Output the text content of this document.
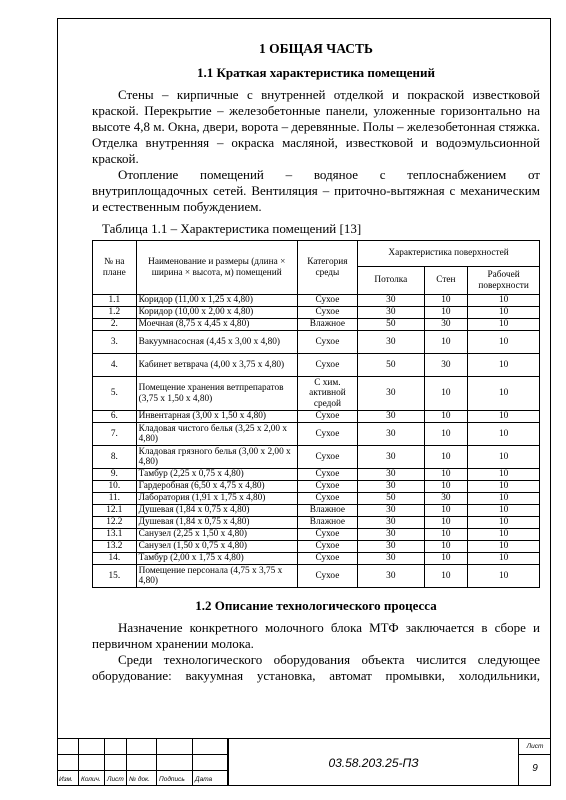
1 ОБЩАЯ ЧАСТЬ
1.1 Краткая характеристика помещений

Стены – кирпичные с внутренней отделкой и покраской известковой краской. Перекрытие – железобетонные панели, уложенные горизонтально на высоте 4,8 м. Окна, двери, ворота – деревянные. Полы – железобетонная стяжка. Отделка внутренняя – окраска масляной, известковой и водоэмульсионной краской.

Отопление помещений – водяное с теплоснабжением от внутриплощадочных сетей. Вентиляция – приточно-вытяжная с механическим и естественным побуждением.

Таблица 1.1 – Характеристика помещений [13]
№ на плане	Наименование и размеры (длина × ширина × высота, м) помещений	Категория среды	Характеристика поверхностей		
			Потолка	Стен	Рабочей поверхности
1.1	Коридор (11,00 х 1,25 х 4,80)	Сухое	30	10	10
1.2	Коридор (10,00 х 2,00 х 4,80)	Сухое	30	10	10
2.	Моечная (8,75 х 4,45 х 4,80)	Влажное	50	30	10
3.	Вакуумнасосная (4,45 х 3,00 х 4,80)	Сухое	30	10	10
4.	Кабинет ветврача (4,00 х 3,75 х 4,80)	Сухое	50	30	10
5.	Помещение хранения ветпрепаратов (3,75 х 1,50 х 4,80)	С хим. активной средой	30	10	10
6.	Инвентарная (3,00 х 1,50 х 4,80)	Сухое	30	10	10
7.	Кладовая чистого белья (3,25 х 2,00 х 4,80)	Сухое	30	10	10
8.	Кладовая грязного белья (3,00 х 2,00 х 4,80)	Сухое	30	10	10
9.	Тамбур (2,25 х 0,75 х 4,80)	Сухое	30	10	10
10.	Гардеробная (6,50 х 4,75 х 4,80)	Сухое	30	10	10
11.	Лаборатория (1,91 х 1,75 х 4,80)	Сухое	50	30	10
12.1	Душевая (1,84 х 0,75 х 4,80)	Влажное	30	10	10
12.2	Душевая (1,84 х 0,75 х 4,80)	Влажное	30	10	10
13.1	Санузел (2,25 х 1,50 х 4,80)	Сухое	30	10	10
13.2	Санузел (1,50 х 0,75 х 4,80)	Сухое	30	10	10
14.	Тамбур (2,00 х 1,75 х 4,80)	Сухое	30	10	10
15.	Помещение персонала (4,75 х 3,75 х 4,80)	Сухое	30	10	10
1.2 Описание технологического процесса

Назначение конкретного молочного блока МТФ заключается в сборе и первичном хранении молока.

Среди технологического оборудования объекта числится следующее оборудование: вакуумная установка, автомат промывки, холодильники,

Изм. Колич. Лист № док. Подпись Дата
03.58.203.25-ПЗ
Лист
9
